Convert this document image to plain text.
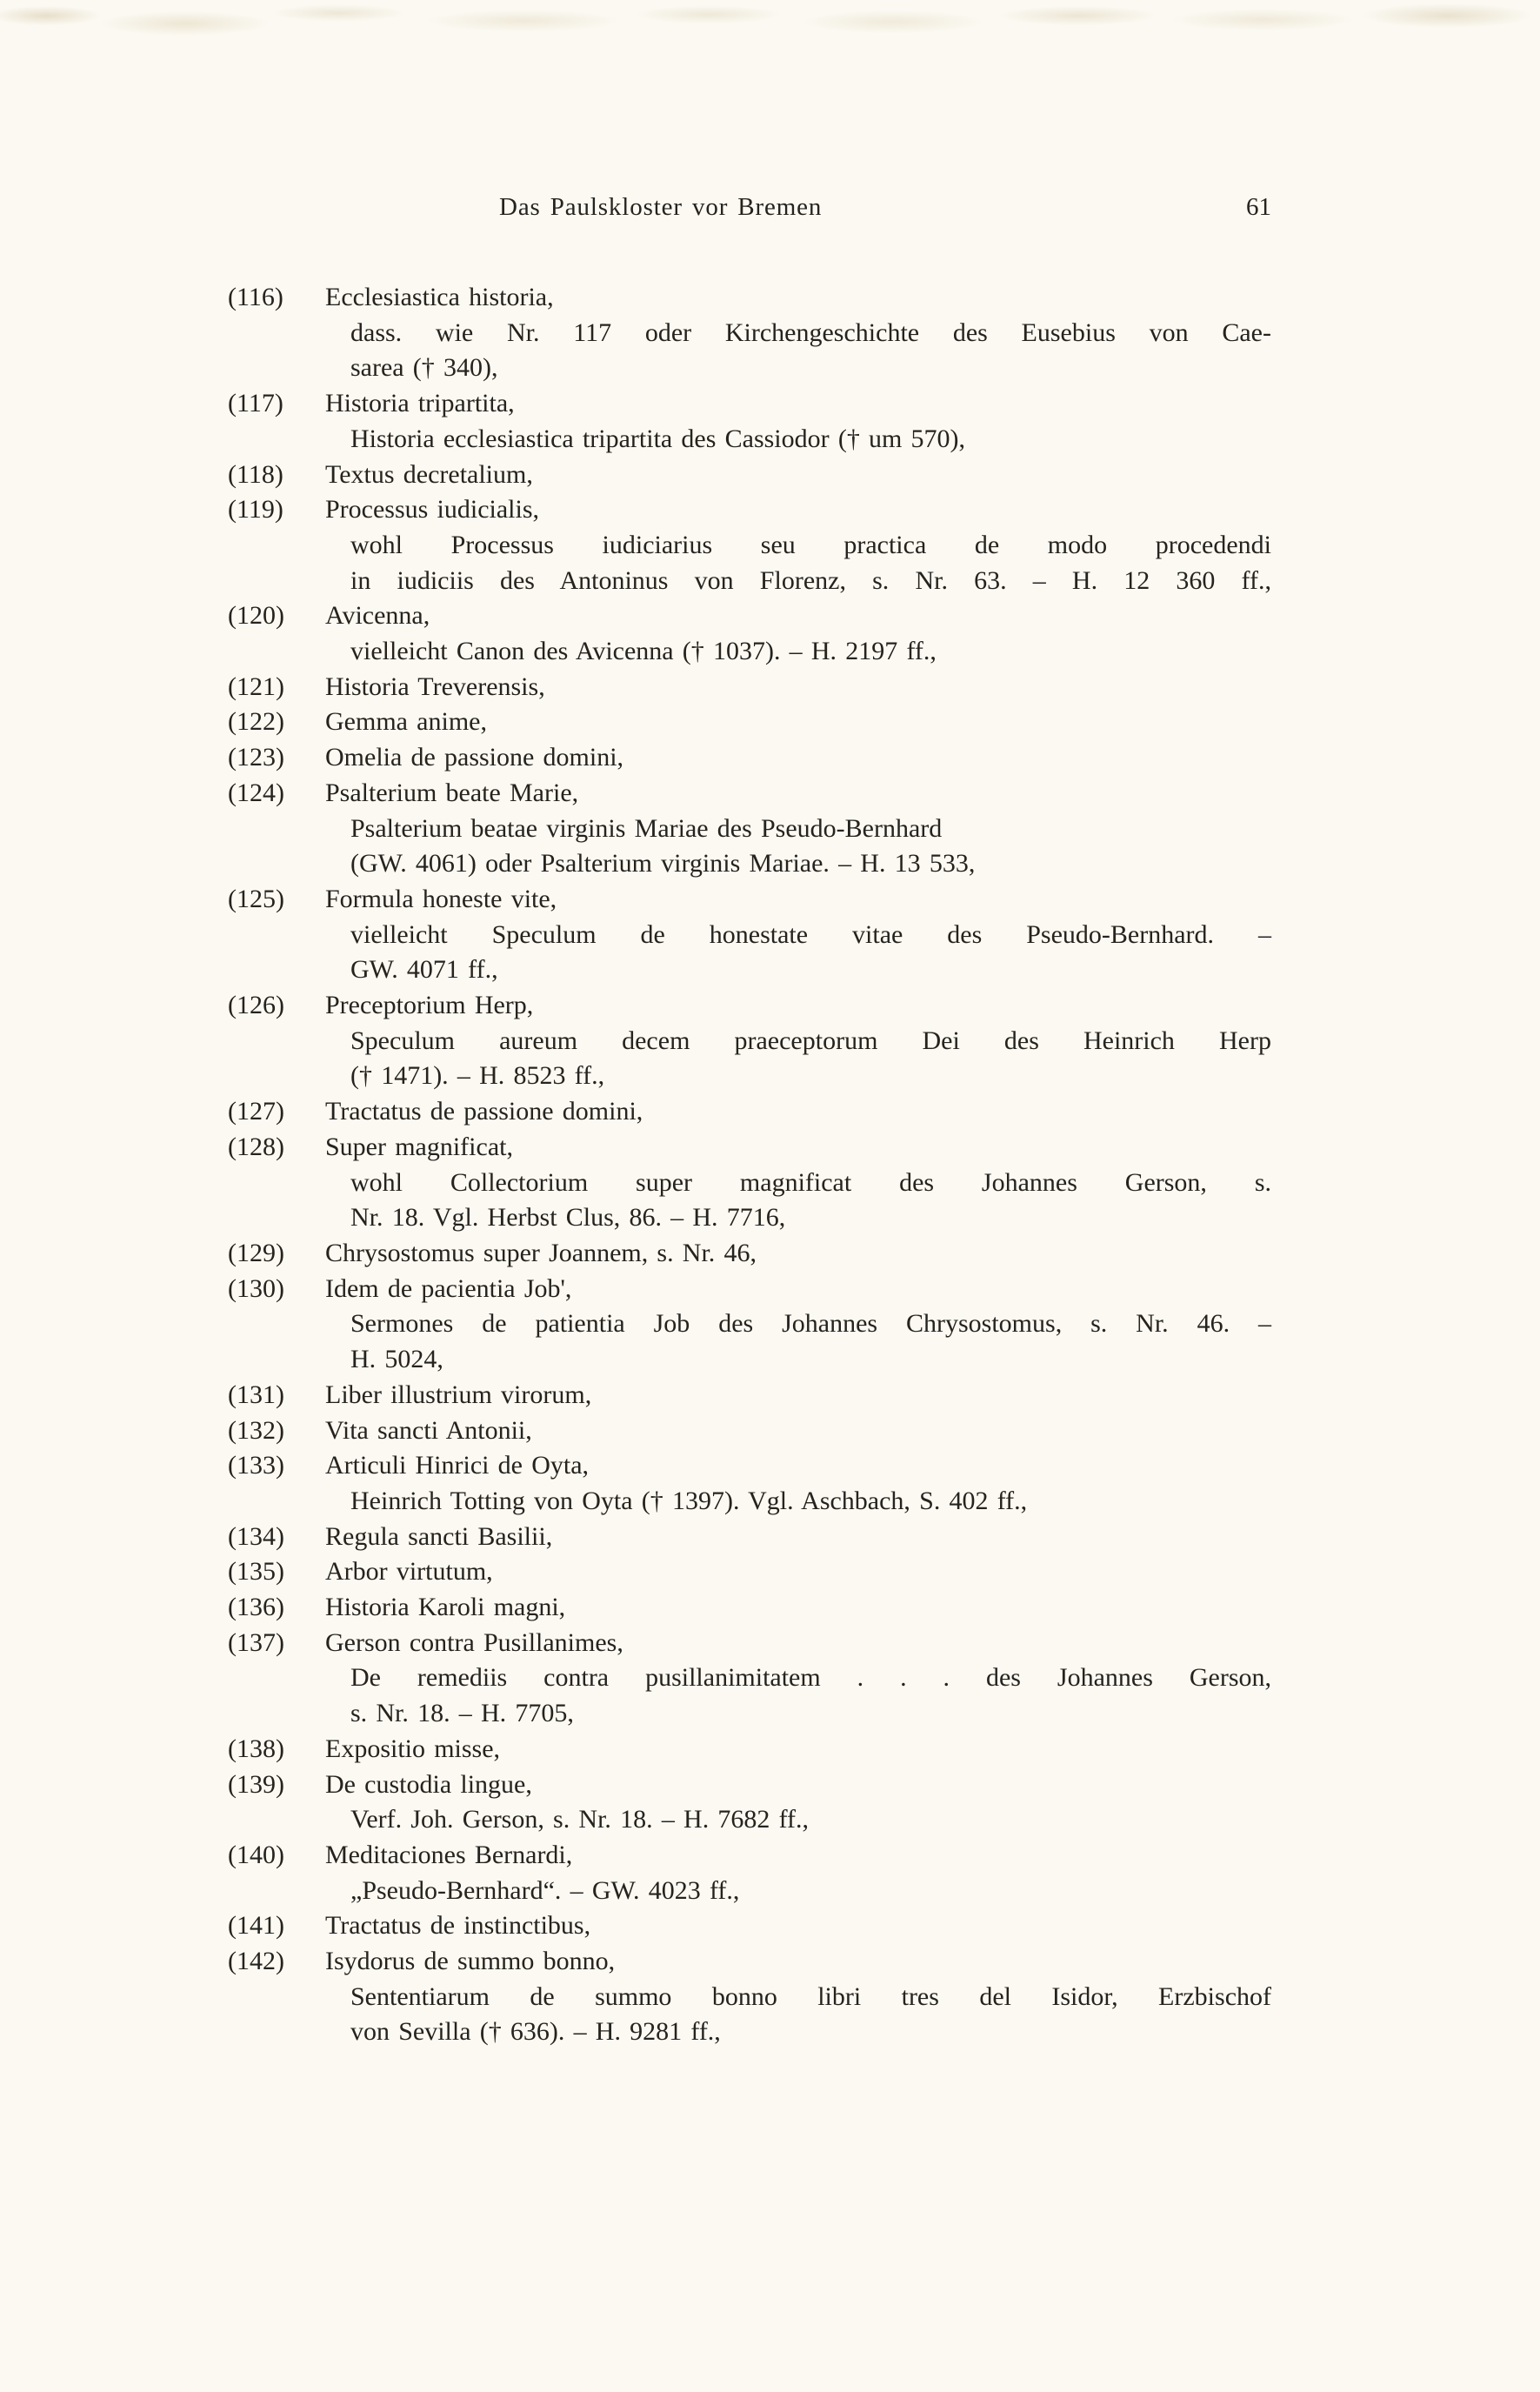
Das Paulskloster vor Bremen	61
(116)	Ecclesiastica historia,
dass. wie Nr. 117 oder Kirchengeschichte des Eusebius von Cae-
sarea († 340),
(117)	Historia tripartita,
Historia ecclesiastica tripartita des Cassiodor († um 570),
(118)	Textus decretalium,
(119)	Processus iudicialis,
wohl Processus iudiciarius seu practica de modo procedendi
in iudiciis des Antoninus von Florenz, s. Nr. 63. – H. 12 360 ff.,
(120)	Avicenna,
vielleicht Canon des Avicenna († 1037). – H. 2197 ff.,
(121)	Historia Treverensis,
(122)	Gemma anime,
(123)	Omelia de passione domini,
(124)	Psalterium beate Marie,
Psalterium beatae virginis Mariae des Pseudo-Bernhard
(GW. 4061) oder Psalterium virginis Mariae. – H. 13 533,
(125)	Formula honeste vite,
vielleicht Speculum de honestate vitae des Pseudo-Bernhard. –
GW. 4071 ff.,
(126)	Preceptorium Herp,
Speculum aureum decem praeceptorum Dei des Heinrich Herp
(† 1471). – H. 8523 ff.,
(127)	Tractatus de passione domini,
(128)	Super magnificat,
wohl Collectorium super magnificat des Johannes Gerson, s.
Nr. 18. Vgl. Herbst Clus, 86. – H. 7716,
(129)	Chrysostomus super Joannem, s. Nr. 46,
(130)	Idem de pacientia Job',
Sermones de patientia Job des Johannes Chrysostomus, s. Nr. 46. –
H. 5024,
(131)	Liber illustrium virorum,
(132)	Vita sancti Antonii,
(133)	Articuli Hinrici de Oyta,
Heinrich Totting von Oyta († 1397). Vgl. Aschbach, S. 402 ff.,
(134)	Regula sancti Basilii,
(135)	Arbor virtutum,
(136)	Historia Karoli magni,
(137)	Gerson contra Pusillanimes,
De remediis contra pusillanimitatem . . . des Johannes Gerson,
s. Nr. 18. – H. 7705,
(138)	Expositio misse,
(139)	De custodia lingue,
Verf. Joh. Gerson, s. Nr. 18. – H. 7682 ff.,
(140)	Meditaciones Bernardi,
„Pseudo-Bernhard“. – GW. 4023 ff.,
(141)	Tractatus de instinctibus,
(142)	Isydorus de summo bonno,
Sententiarum de summo bonno libri tres del Isidor, Erzbischof
von Sevilla († 636). – H. 9281 ff.,
